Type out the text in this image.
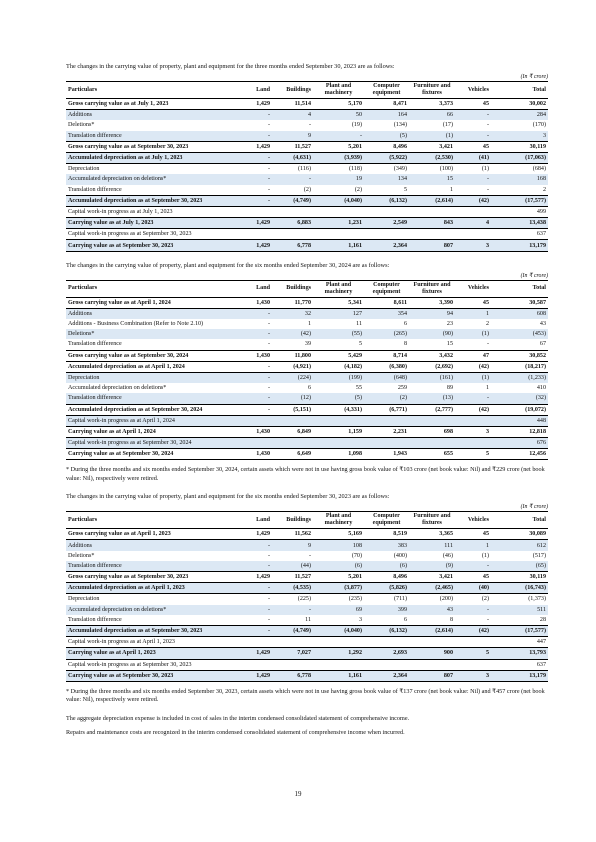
The changes in the carrying value of property, plant and equipment for the three months ended September 30, 2023 are as follows:

(In ₹ crore)
Particulars	Land	Buildings	Plant and machinery	Computer equipment	Furniture and fixtures	Vehicles	Total
Gross carrying value as at July 1, 2023	1,429	11,514	5,170	8,471	3,373	45	30,002
Additions	-	4	50	164	66	-	284
Deletions*	-	-	(19)	(134)	(17)	-	(170)
Translation difference	-	9	-	(5)	(1)	-	3
Gross carrying value as at September 30, 2023	1,429	11,527	5,201	8,496	3,421	45	30,119
Accumulated depreciation as at July 1, 2023	-	(4,631)	(3,939)	(5,922)	(2,530)	(41)	(17,063)
Depreciation	-	(116)	(118)	(349)	(100)	(1)	(684)
Accumulated depreciation on deletions*	-	-	19	134	15	-	168
Translation difference	-	(2)	(2)	5	1	-	2
Accumulated depreciation as at September 30, 2023	-	(4,749)	(4,040)	(6,132)	(2,614)	(42)	(17,577)
Capital work-in progress as at July 1, 2023							499
Carrying value as at July 1, 2023	1,429	6,883	1,231	2,549	843	4	13,438
Capital work-in progress as at September 30, 2023							637
Carrying value as at September 30, 2023	1,429	6,778	1,161	2,364	807	3	13,179

The changes in the carrying value of property, plant and equipment for the six months ended September 30, 2024 are as follows:

(In ₹ crore)
Particulars	Land	Buildings	Plant and machinery	Computer equipment	Furniture and fixtures	Vehicles	Total
Gross carrying value as at April 1, 2024	1,430	11,770	5,341	8,611	3,390	45	30,587
Additions	-	32	127	354	94	1	608
Additions - Business Combination (Refer to Note 2.10)	-	1	11	6	23	2	43
Deletions*	-	(42)	(55)	(265)	(90)	(1)	(453)
Translation difference	-	39	5	8	15	-	67
Gross carrying value as at September 30, 2024	1,430	11,800	5,429	8,714	3,432	47	30,852
Accumulated depreciation as at April 1, 2024	-	(4,921)	(4,182)	(6,380)	(2,692)	(42)	(18,217)
Depreciation	-	(224)	(199)	(648)	(161)	(1)	(1,233)
Accumulated depreciation on deletions*	-	6	55	259	89	1	410
Translation difference	-	(12)	(5)	(2)	(13)	-	(32)
Accumulated depreciation as at September 30, 2024	-	(5,151)	(4,331)	(6,771)	(2,777)	(42)	(19,072)
Capital work-in progress as at April 1, 2024							448
Carrying value as at April 1, 2024	1,430	6,849	1,159	2,231	698	3	12,818
Capital work-in progress as at September 30, 2024							676
Carrying value as at September 30, 2024	1,430	6,649	1,098	1,943	655	5	12,456

* During the three months and six months ended September 30, 2024, certain assets which were not in use having gross book value of ₹103 crore (net book value: Nil) and ₹229 crore (net book value: Nil), respectively were retired.

The changes in the carrying value of property, plant and equipment for the six months ended September 30, 2023 are as follows:

(In ₹ crore)
Particulars	Land	Buildings	Plant and machinery	Computer equipment	Furniture and fixtures	Vehicles	Total
Gross carrying value as at April 1, 2023	1,429	11,562	5,169	8,519	3,365	45	30,089
Additions	-	9	108	383	111	1	612
Deletions*	-	-	(70)	(400)	(46)	(1)	(517)
Translation difference	-	(44)	(6)	(6)	(9)	-	(65)
Gross carrying value as at September 30, 2023	1,429	11,527	5,201	8,496	3,421	45	30,119
Accumulated depreciation as at April 1, 2023	-	(4,535)	(3,877)	(5,826)	(2,465)	(40)	(16,743)
Depreciation	-	(225)	(235)	(711)	(200)	(2)	(1,373)
Accumulated depreciation on deletions*	-	-	69	399	43	-	511
Translation difference	-	11	3	6	8	-	28
Accumulated depreciation as at September 30, 2023	-	(4,749)	(4,040)	(6,132)	(2,614)	(42)	(17,577)
Capital work-in progress as at April 1, 2023							447
Carrying value as at April 1, 2023	1,429	7,027	1,292	2,693	900	5	13,793
Capital work-in progress as at September 30, 2023							637
Carrying value as at September 30, 2023	1,429	6,778	1,161	2,364	807	3	13,179

* During the three months and six months ended September 30, 2023, certain assets which were not in use having gross book value of ₹137 crore (net book value: Nil) and ₹457 crore (net book value: Nil), respectively were retired.

The aggregate depreciation expense is included in cost of sales in the interim condensed consolidated statement of comprehensive income.

Repairs and maintenance costs are recognized in the interim condensed consolidated statement of comprehensive income when incurred.

19
